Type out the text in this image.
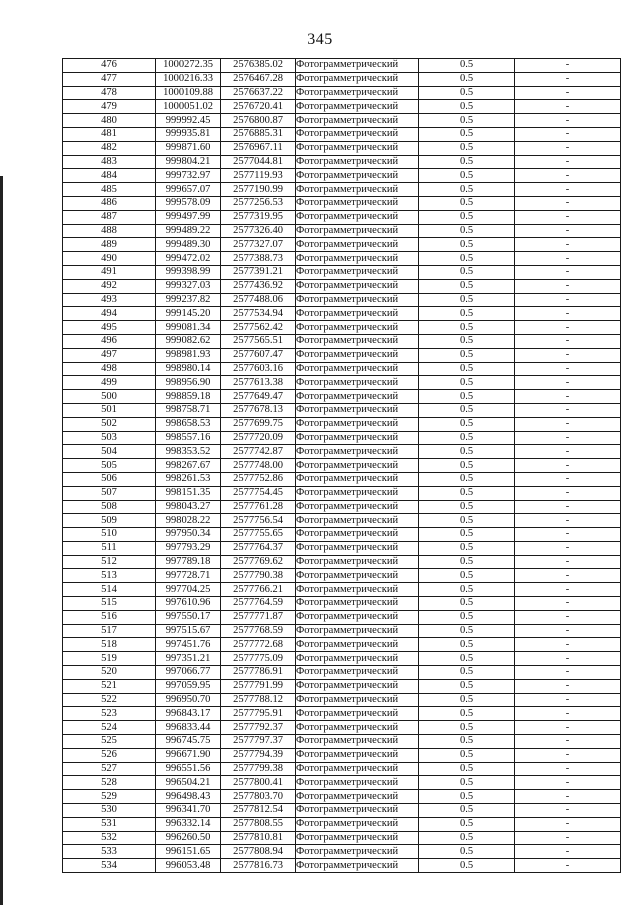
345
476	1000272.35	2576385.02	Фотограмметрический	0.5	-
477	1000216.33	2576467.28	Фотограмметрический	0.5	-
478	1000109.88	2576637.22	Фотограмметрический	0.5	-
479	1000051.02	2576720.41	Фотограмметрический	0.5	-
480	999992.45	2576800.87	Фотограмметрический	0.5	-
481	999935.81	2576885.31	Фотограмметрический	0.5	-
482	999871.60	2576967.11	Фотограмметрический	0.5	-
483	999804.21	2577044.81	Фотограмметрический	0.5	-
484	999732.97	2577119.93	Фотограмметрический	0.5	-
485	999657.07	2577190.99	Фотограмметрический	0.5	-
486	999578.09	2577256.53	Фотограмметрический	0.5	-
487	999497.99	2577319.95	Фотограмметрический	0.5	-
488	999489.22	2577326.40	Фотограмметрический	0.5	-
489	999489.30	2577327.07	Фотограмметрический	0.5	-
490	999472.02	2577388.73	Фотограмметрический	0.5	-
491	999398.99	2577391.21	Фотограмметрический	0.5	-
492	999327.03	2577436.92	Фотограмметрический	0.5	-
493	999237.82	2577488.06	Фотограмметрический	0.5	-
494	999145.20	2577534.94	Фотограмметрический	0.5	-
495	999081.34	2577562.42	Фотограмметрический	0.5	-
496	999082.62	2577565.51	Фотограмметрический	0.5	-
497	998981.93	2577607.47	Фотограмметрический	0.5	-
498	998980.14	2577603.16	Фотограмметрический	0.5	-
499	998956.90	2577613.38	Фотограмметрический	0.5	-
500	998859.18	2577649.47	Фотограмметрический	0.5	-
501	998758.71	2577678.13	Фотограмметрический	0.5	-
502	998658.53	2577699.75	Фотограмметрический	0.5	-
503	998557.16	2577720.09	Фотограмметрический	0.5	-
504	998353.52	2577742.87	Фотограмметрический	0.5	-
505	998267.67	2577748.00	Фотограмметрический	0.5	-
506	998261.53	2577752.86	Фотограмметрический	0.5	-
507	998151.35	2577754.45	Фотограмметрический	0.5	-
508	998043.27	2577761.28	Фотограмметрический	0.5	-
509	998028.22	2577756.54	Фотограмметрический	0.5	-
510	997950.34	2577755.65	Фотограмметрический	0.5	-
511	997793.29	2577764.37	Фотограмметрический	0.5	-
512	997789.18	2577769.62	Фотограмметрический	0.5	-
513	997728.71	2577790.38	Фотограмметрический	0.5	-
514	997704.25	2577766.21	Фотограмметрический	0.5	-
515	997610.96	2577764.59	Фотограмметрический	0.5	-
516	997550.17	2577771.87	Фотограмметрический	0.5	-
517	997515.67	2577768.59	Фотограмметрический	0.5	-
518	997451.76	2577772.68	Фотограмметрический	0.5	-
519	997351.21	2577775.09	Фотограмметрический	0.5	-
520	997066.77	2577786.91	Фотограмметрический	0.5	-
521	997059.95	2577791.99	Фотограмметрический	0.5	-
522	996950.70	2577788.12	Фотограмметрический	0.5	-
523	996843.17	2577795.91	Фотограмметрический	0.5	-
524	996833.44	2577792.37	Фотограмметрический	0.5	-
525	996745.75	2577797.37	Фотограмметрический	0.5	-
526	996671.90	2577794.39	Фотограмметрический	0.5	-
527	996551.56	2577799.38	Фотограмметрический	0.5	-
528	996504.21	2577800.41	Фотограмметрический	0.5	-
529	996498.43	2577803.70	Фотограмметрический	0.5	-
530	996341.70	2577812.54	Фотограмметрический	0.5	-
531	996332.14	2577808.55	Фотограмметрический	0.5	-
532	996260.50	2577810.81	Фотограмметрический	0.5	-
533	996151.65	2577808.94	Фотограмметрический	0.5	-
534	996053.48	2577816.73	Фотограмметрический	0.5	-
